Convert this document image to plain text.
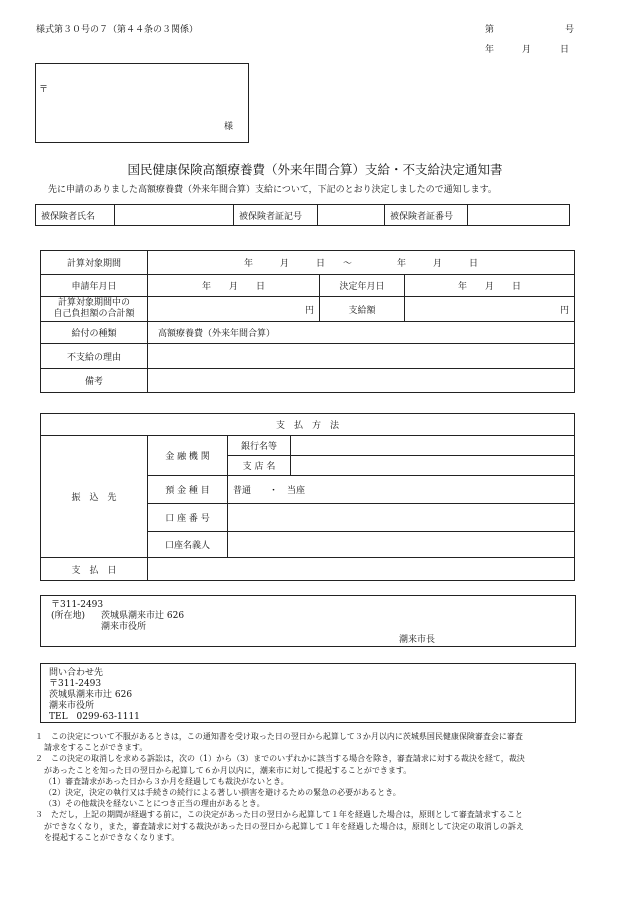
様式第３０号の７（第４４条の３関係）	第	号
年	月	日
〒
様
国民健康保険高額療養費（外来年間合算）支給・不支給決定通知書
先に申請のありました高額療養費（外来年間合算）支給について，下記のとおり決定しましたので通知します。
被保険者氏名		被保険者証記号		被保険者証番号	
計算対象期間	年　　　月　　　日　　～　　　　　年　　　月　　　日		
申請年月日	年　　月　　日	決定年月日	年　　月　　日

計算対象期間中の
自己負担額の合計額	円	支給額	円
給付の種類	高額療養費（外来年間合算）		
不支給の理由			
備考			
支　払　方　法			
振　込　先	金 融 機 関	銀行名等	
		支 店 名	
	預 金 種 目	普通　　・　当座	
	口 座 番 号		
	口座名義人		
支　払　日			
〒311-2493
(所在地) 茨城県潮来市辻 626
潮来市役所
潮来市長
問い合わせ先
〒311-2493
茨城県潮来市辻 626
潮来市役所
TEL　0299-63-1111
１　この決定について不服があるときは，この通知書を受け取った日の翌日から起算して３か月以内に茨城県国民健康保険審査会に審査
請求をすることができます。
２　この決定の取消しを求める訴訟は，次の（1）から（3）までのいずれかに該当する場合を除き，審査請求に対する裁決を経て，裁決
があったことを知った日の翌日から起算して６か月以内に，潮来市に対して提起することができます。
（1）審査請求があった日から３か月を経過しても裁決がないとき。
（2）決定，決定の執行又は手続きの続行による著しい損害を避けるための緊急の必要があるとき。
（3）その他裁決を経ないことにつき正当の理由があるとき。
３　ただし，上記の期間が経過する前に，この決定があった日の翌日から起算して１年を経過した場合は，原則として審査請求すること
ができなくなり，また，審査請求に対する裁決があった日の翌日から起算して１年を経過した場合は，原則として決定の取消しの訴え
を提起することができなくなります。
